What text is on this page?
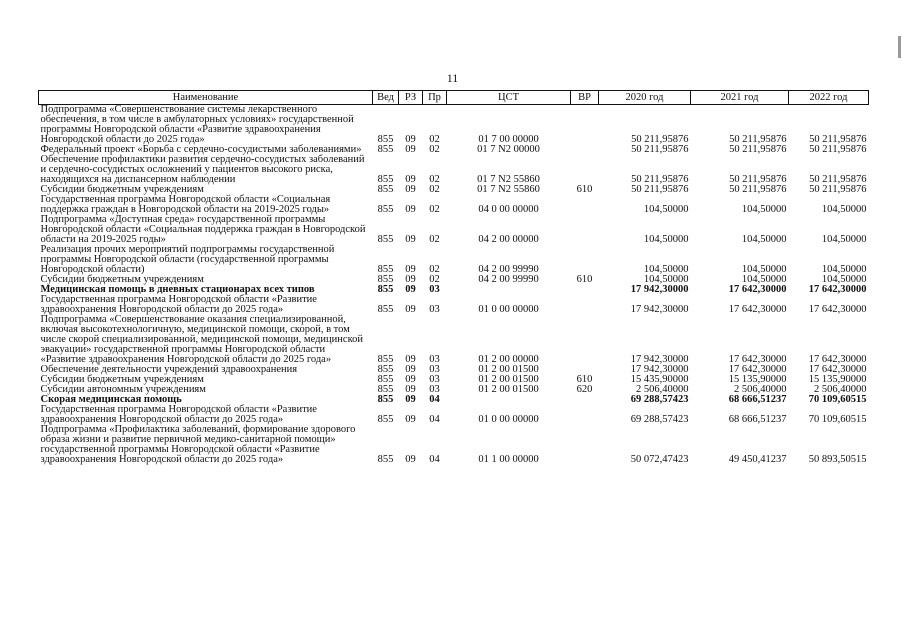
11
Наименование	Вед	РЗ	Пр	ЦСТ	ВР	2020 год	2021 год	2022 год
Подпрограмма «Совершенствование системы лекарственного обеспечения, в том числе в амбулаторных условиях» государственной программы Новгородской области «Развитие здравоохранения Новгородской области до 2025 года»	855	09	02	01 7 00 00000		50 211,95876	50 211,95876	50 211,95876
Федеральный проект «Борьба с сердечно-сосудистыми заболеваниями»	855	09	02	01 7 N2 00000		50 211,95876	50 211,95876	50 211,95876
Обеспечение профилактики развития сердечно-сосудистых заболеваний и сердечно-сосудистых осложнений у пациентов высокого риска, находящихся на диспансерном наблюдении	855	09	02	01 7 N2 55860		50 211,95876	50 211,95876	50 211,95876
Субсидии бюджетным учреждениям	855	09	02	01 7 N2 55860	610	50 211,95876	50 211,95876	50 211,95876
Государственная программа Новгородской области «Социальная поддержка граждан в Новгородской области на 2019-2025 годы»	855	09	02	04 0 00 00000		104,50000	104,50000	104,50000
Подпрограмма «Доступная среда» государственной программы Новгородской области «Социальная поддержка граждан в Новгородской области на 2019-2025 годы»	855	09	02	04 2 00 00000		104,50000	104,50000	104,50000
Реализация прочих мероприятий подпрограммы государственной программы Новгородской области (государственной программы Новгородской области)	855	09	02	04 2 00 99990		104,50000	104,50000	104,50000
Субсидии бюджетным учреждениям	855	09	02	04 2 00 99990	610	104,50000	104,50000	104,50000
Медицинская помощь в дневных стационарах всех типов	855	09	03			17 942,30000	17 642,30000	17 642,30000
Государственная программа Новгородской области «Развитие здравоохранения Новгородской области до 2025 года»	855	09	03	01 0 00 00000		17 942,30000	17 642,30000	17 642,30000
Подпрограмма «Совершенствование оказания специализированной, включая высокотехнологичную, медицинской помощи, скорой, в том числе скорой специализированной, медицинской помощи, медицинской эвакуации» государственной программы Новгородской области «Развитие здравоохранения Новгородской области до 2025 года»	855	09	03	01 2 00 00000		17 942,30000	17 642,30000	17 642,30000
Обеспечение деятельности учреждений здравоохранения	855	09	03	01 2 00 01500		17 942,30000	17 642,30000	17 642,30000
Субсидии бюджетным учреждениям	855	09	03	01 2 00 01500	610	15 435,90000	15 135,90000	15 135,90000
Субсидии автономным учреждениям	855	09	03	01 2 00 01500	620	2 506,40000	2 506,40000	2 506,40000
Скорая медицинская помощь	855	09	04			69 288,57423	68 666,51237	70 109,60515
Государственная программа Новгородской области «Развитие здравоохранения Новгородской области до 2025 года»	855	09	04	01 0 00 00000		69 288,57423	68 666,51237	70 109,60515
Подпрограмма «Профилактика заболеваний, формирование здорового образа жизни и развитие первичной медико-санитарной помощи» государственной программы Новгородской области «Развитие здравоохранения Новгородской области до 2025 года»	855	09	04	01 1 00 00000		50 072,47423	49 450,41237	50 893,50515
